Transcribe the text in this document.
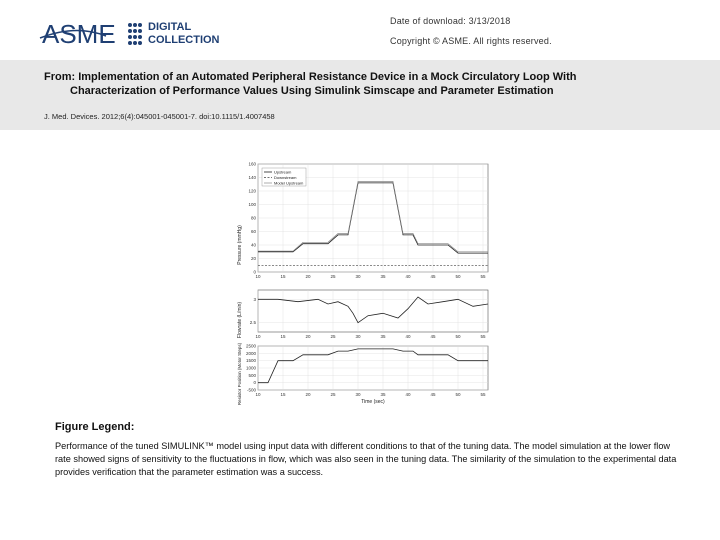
ASME	DIGITAL
COLLECTION
Date of download: 3/13/2018
Copyright © ASME. All rights reserved.
From: Implementation of an Automated Peripheral Resistance Device in a Mock Circulatory Loop With
Characterization of Performance Values Using Simulink Simscape and Parameter Estimation
J. Med. Devices. 2012;6(4):045001-045001-7. doi:10.1115/1.4007458
Pressure (mmHg)
Flowrate (L/min)
Resistor Position (Motor Steps)	Time (sec)
10	15	20	25	30	35	40	45	50	55
0
20
40
60
80
100
120
140
160
Upstream
Downstream
Model Upstream
10	15	20	25	30	35	40	45	50	55
2.5
3
10	15	20	25	30	35	40	45	50	55
-500
0
500
1000
1500
2000
2500
Figure Legend:
Performance of the tuned SIMULINK™ model using input data with different conditions to that of the tuning data. The model simulation at the lower flow rate showed signs of sensitivity to the fluctuations in flow, which was also seen in the tuning data. The similarity of the simulation to the experimental data provides verification that the parameter estimation was a success.
